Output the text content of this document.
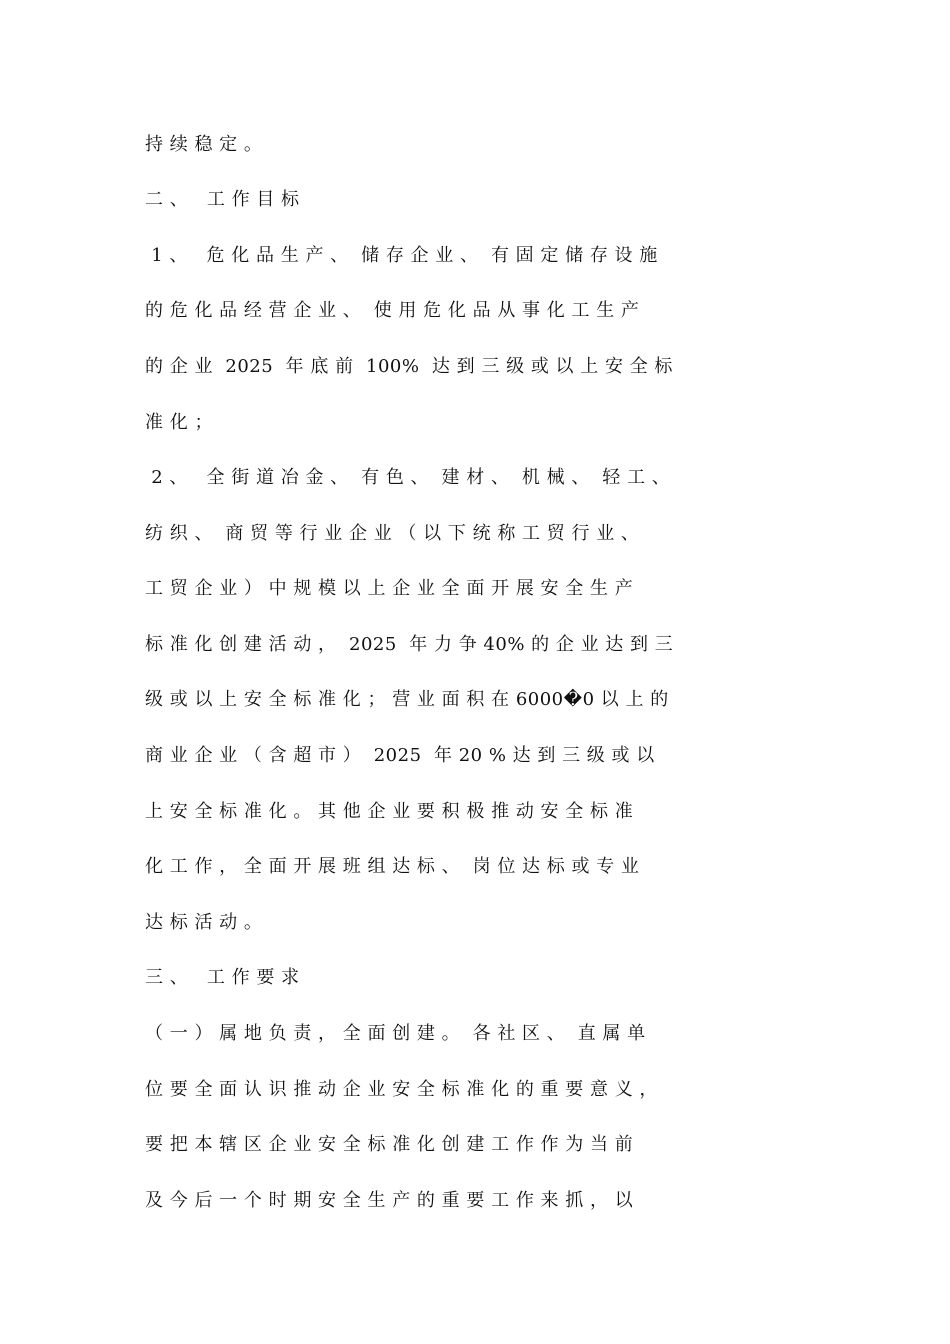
持 续 稳 定 。

二 、   工 作 目 标

1 、   危 化 品 生 产 、  储 存 企 业 、  有 固 定 储 存 设 施

的 危 化 品 经 营 企 业 、  使 用 危 化 品 从 事 化 工 生 产

的 企 业  2025  年 底 前  100%  达 到 三 级 或 以 上 安 全 标

准 化 ；

2 、   全 街 道 冶 金 、  有 色 、  建 材 、  机 械 、  轻 工 、

纺 织 、  商 贸 等 行 业 企 业 （ 以 下 统 称 工 贸 行 业 、

工 贸 企 业 ） 中 规 模 以 上 企 业 全 面 开 展 安 全 生 产

标 准 化 创 建 活 动 ，  2025  年 力 争 40% 的 企 业 达 到 三

级 或 以 上 安 全 标 准 化 ； 营 业 面 积 在 6000�0 以 上 的

商 业 企 业 （ 含 超 市 ）  2025  年 20 % 达 到 三 级 或 以

上 安 全 标 准 化 。 其 他 企 业 要 积 极 推 动 安 全 标 准

化 工 作 ， 全 面 开 展 班 组 达 标 、  岗 位 达 标 或 专 业

达 标 活 动 。

三 、   工 作 要 求

（ 一 ） 属 地 负 责 ， 全 面 创 建 。  各 社 区 、  直 属 单

位 要 全 面 认 识 推 动 企 业 安 全 标 准 化 的 重 要 意 义 ，

要 把 本 辖 区 企 业 安 全 标 准 化 创 建 工 作 作 为 当 前

及 今 后 一 个 时 期 安 全 生 产 的 重 要 工 作 来 抓 ， 以
